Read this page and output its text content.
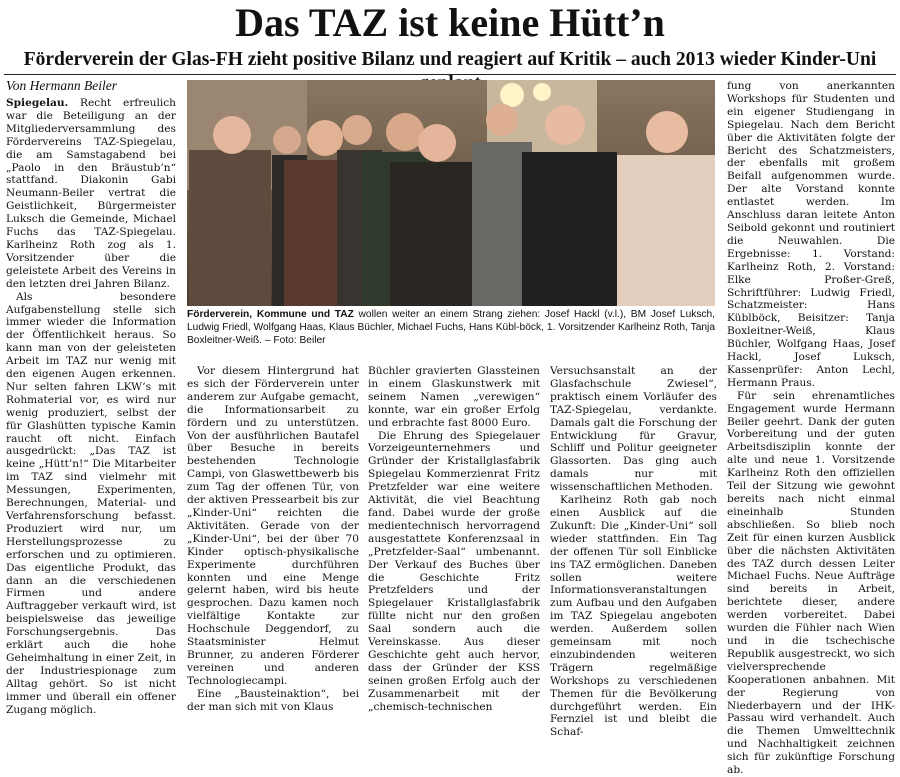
Das TAZ ist keine Hütt’n
Förderverein der Glas-FH zieht positive Bilanz und reagiert auf Kritik – auch 2013 wieder Kinder-Uni

Von Hermann Beiler

Spiegelau. Recht erfreulich war die Beteiligung an der Mitgliederversammlung des Fördervereins TAZ-Spiegelau, die am Samstagabend bei „Paolo in den Bräustub’n“ stattfand. Diakonin Gabi Neumann-Beiler vertrat die Geistlichkeit, Bürgermeister Luksch die Gemeinde, Michael Fuchs das TAZ-Spiegelau. Karlheinz Roth zog als 1. Vorsitzender über die geleistete Arbeit des Vereins in den letzten drei Jahren Bilanz.

Als besondere Aufgabenstellung stelle sich immer wieder die Information der Öffentlichkeit heraus. So kann man von der geleisteten Arbeit im TAZ nur wenig mit den eigenen Augen erkennen. Nur selten fahren LKW’s mit Rohmaterial vor, es wird nur wenig produziert, selbst der für Glashütten typische Kamin raucht oft nicht. Einfach ausgedrückt: „Das TAZ ist keine „Hütt’n!“ Die Mitarbeiter im TAZ sind vielmehr mit Messungen, Experimenten, Berechnungen, Material- und Verfahrensforschung befasst. Produziert wird nur, um Herstellungsprozesse zu erforschen und zu optimieren. Das eigentliche Produkt, das dann an die verschiedenen Firmen und andere Auftraggeber verkauft wird, ist beispielsweise das jeweilige Forschungsergebnis. Das erklärt auch die hohe Geheimhaltung in einer Zeit, in der Industriespionage zum Alltag gehört. So ist nicht immer und überall ein offener Zugang möglich.

Förderverein, Kommune und TAZ wollen weiter an einem Strang ziehen: Josef Hackl (v.l.), BM Josef Luksch, Ludwig Friedl, Wolfgang Haas, Klaus Büchler, Michael Fuchs, Hans Kübl-böck, 1. Vorsitzender Karlheinz Roth, Tanja Boxleitner-Weiß. – Foto: Beiler

Vor diesem Hintergrund hat es sich der Förderverein unter anderem zur Aufgabe gemacht, die Informationsarbeit zu fördern und zu unterstützen. Von der ausführlichen Bautafel über Besuche in bereits bestehenden Technologie Campi, von Glaswettbewerb bis zum Tag der offenen Tür, von der aktiven Pressearbeit bis zur „Kinder-Uni“ reichten die Aktivitäten. Gerade von der „Kinder-Uni“, bei der über 70 Kinder optisch-physikalische Experimente durchführen konnten und eine Menge gelernt haben, wird bis heute gesprochen. Dazu kamen noch vielfältige Kontakte zur Hochschule Deggendorf, zu Staatsminister Helmut Brunner, zu anderen Förderer vereinen und anderen Technologiecampi.

Eine „Bausteinaktion“, bei der man sich mit von Klaus

Büchler gravierten Glassteinen in einem Glaskunstwerk mit seinem Namen „verewigen“ konnte, war ein großer Erfolg und erbrachte fast 8000 Euro.

Die Ehrung des Spiegelauer Vorzeigeunternehmers und Gründer der Kristallglasfabrik Spiegelau Kommerzienrat Fritz Pretzfelder war eine weitere Aktivität, die viel Beachtung fand. Dabei wurde der große medientechnisch hervorragend ausgestattete Konferenzsaal in „Pretzfelder-Saal“ umbenannt. Der Verkauf des Buches über die Geschichte Fritz Pretzfelders und der Spiegelauer Kristallglasfabrik füllte nicht nur den großen Saal sondern auch die Vereinskasse. Aus dieser Geschichte geht auch hervor, dass der Gründer der KSS seinen großen Erfolg auch der Zusammenarbeit mit der „chemisch-technischen

Versuchsanstalt an der Glasfachschule Zwiesel“, praktisch einem Vorläufer des TAZ-Spiegelau, verdankte. Damals galt die Forschung der Entwicklung für Gravur, Schliff und Politur geeigneter Glassorten. Das ging auch damals nur mit wissenschaftlichen Methoden.

Karlheinz Roth gab noch einen Ausblick auf die Zukunft: Die „Kinder-Uni“ soll wieder stattfinden. Ein Tag der offenen Tür soll Einblicke ins TAZ ermöglichen. Daneben sollen weitere Informationsveranstaltungen zum Aufbau und den Aufgaben im TAZ Spiegelau angeboten werden. Außerdem sollen gemeinsam mit noch einzubindenden weiteren Trägern regelmäßige Workshops zu verschiedenen Themen für die Bevölkerung durchgeführt werden. Ein Fernziel ist und bleibt die Schaf-

fung von anerkannten Workshops für Studenten und ein eigener Studiengang in Spiegelau. Nach dem Bericht über die Aktivitäten folgte der Bericht des Schatzmeisters, der ebenfalls mit großem Beifall aufgenommen wurde. Der alte Vorstand konnte entlastet werden. Im Anschluss daran leitete Anton Seibold gekonnt und routiniert die Neuwahlen. Die Ergebnisse: 1. Vorstand: Karlheinz Roth, 2. Vorstand: Elke Proßer-Greß, Schriftführer: Ludwig Friedl, Schatzmeister: Hans Küblböck, Beisitzer: Tanja Boxleitner-Weiß, Klaus Büchler, Wolfgang Haas, Josef Hackl, Josef Luksch, Kassenprüfer: Anton Lechl, Hermann Praus.

Für sein ehrenamtliches Engagement wurde Hermann Beiler geehrt. Dank der guten Vorbereitung und der guten Arbeitsdisziplin konnte der alte und neue 1. Vorsitzende Karlheinz Roth den offiziellen Teil der Sitzung wie gewohnt bereits nach nicht einmal eineinhalb Stunden abschließen. So blieb noch Zeit für einen kurzen Ausblick über die nächsten Aktivitäten des TAZ durch dessen Leiter Michael Fuchs. Neue Aufträge sind bereits in Arbeit, berichtete dieser, andere werden vorbereitet. Dabei wurden die Fühler nach Wien und in die tschechische Republik ausgestreckt, wo sich vielversprechende Kooperationen anbahnen. Mit der Regierung von Niederbayern und der IHK-Passau wird verhandelt. Auch die Themen Umwelttechnik und Nachhaltigkeit zeichnen sich für zukünftige Forschung ab.
